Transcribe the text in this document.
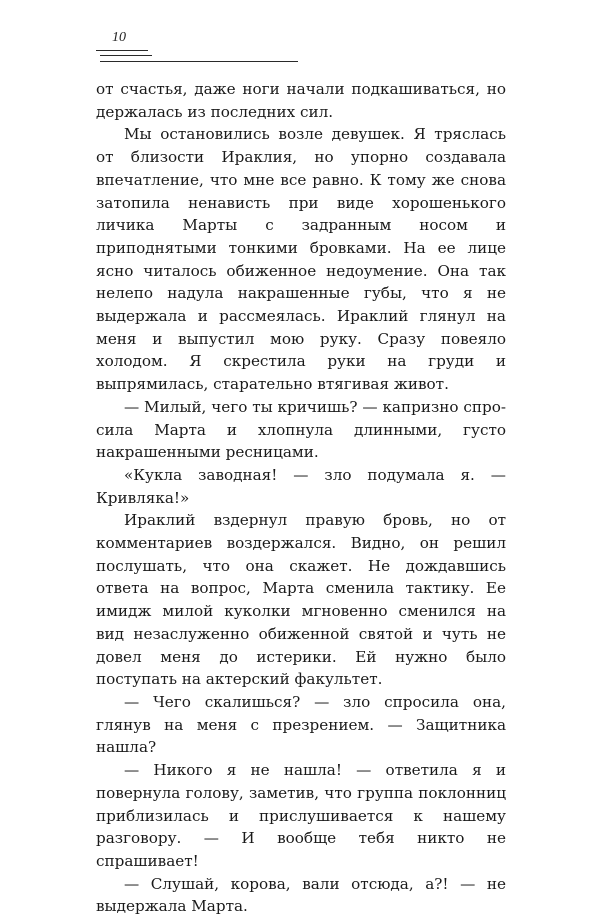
10

от счастья, даже ноги начали подкашиваться, но держалась из последних сил.

Мы остановились возле девушек. Я тряслась от близости Ираклия, но упорно создавала впечатление, что мне все равно. К тому же снова затопила ненависть при виде хорошенького личика Марты с задранным носом и приподнятыми тонкими бровками. На ее лице ясно читалось обиженное недоумение. Она так нелепо надула накрашенные губы, что я не выдержала и рассмеялась. Ираклий глянул на меня и выпустил мою руку. Сразу повеяло холодом. Я скрестила руки на груди и выпрямилась, старательно втягивая живот.

— Милый, чего ты кричишь? — капризно спросила Марта и хлопнула длинными, густо накрашенными ресницами.

«Кукла заводная! — зло подумала я. — Кривляка!»

Ираклий вздернул правую бровь, но от комментариев воздержался. Видно, он решил послушать, что она скажет. Не дождавшись ответа на вопрос, Марта сменила тактику. Ее имидж милой куколки мгновенно сменился на вид незаслуженно обиженной святой и чуть не довел меня до истерики. Ей нужно было поступать на актерский факультет.

— Чего скалишься? — зло спросила она, глянув на меня с презрением. — Защитника нашла?

— Никого я не нашла! — ответила я и повернула голову, заметив, что группа поклонниц приблизилась и прислушивается к нашему разговору. — И вообще тебя никто не спрашивает!

— Слушай, корова, вали отсюда, а?! — не выдержала Марта.
